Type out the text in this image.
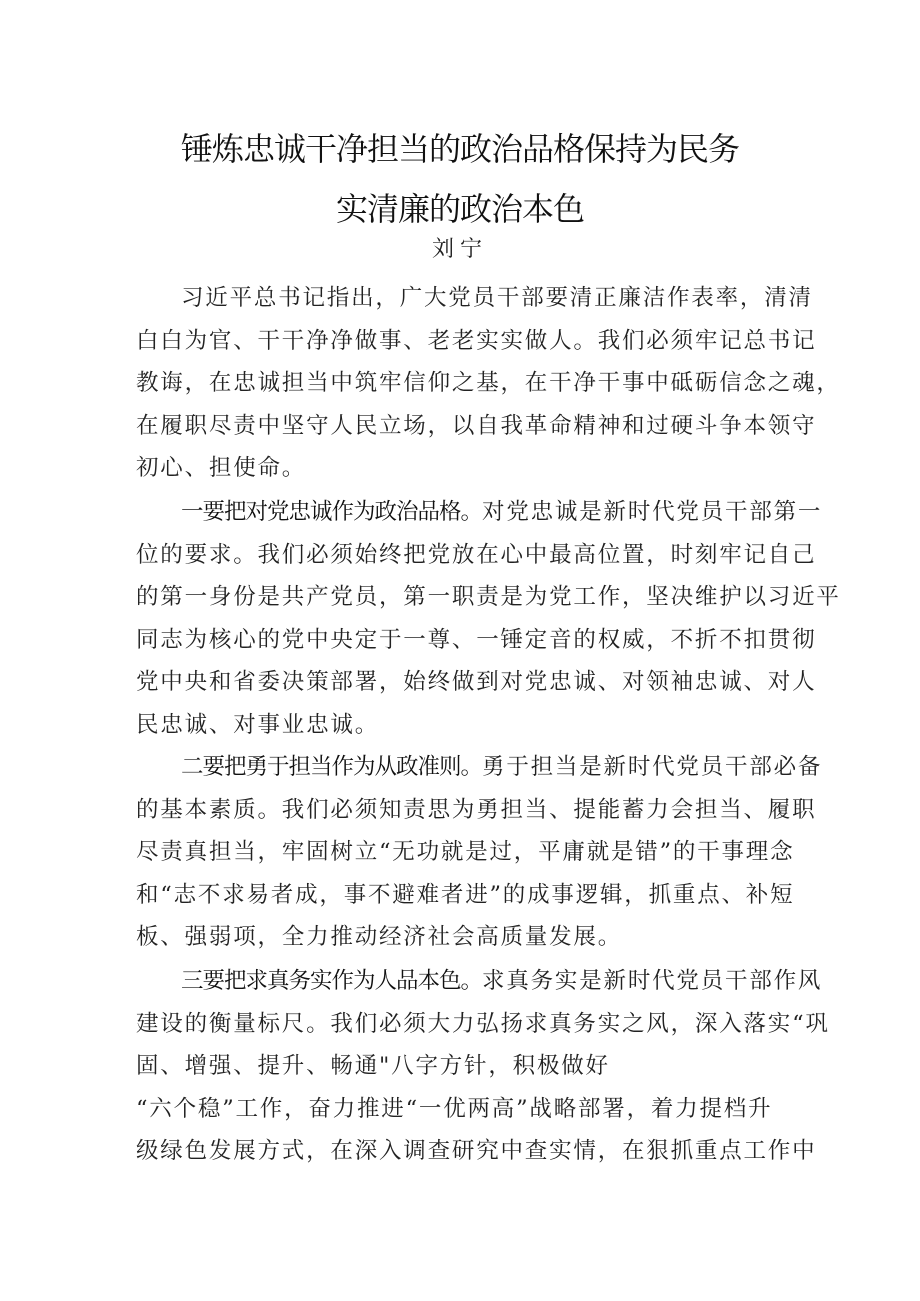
锤炼忠诚干净担当的政治品格保持为民务
实清廉的政治本色
刘宁

习近平总书记指出，广大党员干部要清正廉洁作表率，清清
白白为官、干干净净做事、老老实实做人。我们必须牢记总书记
教诲，在忠诚担当中筑牢信仰之基，在干净干事中砥砺信念之魂，
在履职尽责中坚守人民立场，以自我革命精神和过硬斗争本领守
初心、担使命。

一要把对党忠诚作为政治品格。对党忠诚是新时代党员干部第一
位的要求。我们必须始终把党放在心中最高位置，时刻牢记自己
的第一身份是共产党员，第一职责是为党工作，坚决维护以习近平
同志为核心的党中央定于一尊、一锤定音的权威，不折不扣贯彻
党中央和省委决策部署，始终做到对党忠诚、对领袖忠诚、对人
民忠诚、对事业忠诚。

二要把勇于担当作为从政准则。勇于担当是新时代党员干部必备
的基本素质。我们必须知责思为勇担当、提能蓄力会担当、履职
尽责真担当，牢固树立“无功就是过，平庸就是错”的干事理念
和“志不求易者成，事不避难者进”的成事逻辑，抓重点、补短
板、强弱项，全力推动经济社会高质量发展。

三要把求真务实作为人品本色。求真务实是新时代党员干部作风
建设的衡量标尺。我们必须大力弘扬求真务实之风，深入落实“巩
固、增强、提升、畅通"八字方针，积极做好
“六个稳”工作，奋力推进“一优两高”战略部署，着力提档升
级绿色发展方式，在深入调查研究中查实情，在狠抓重点工作中
